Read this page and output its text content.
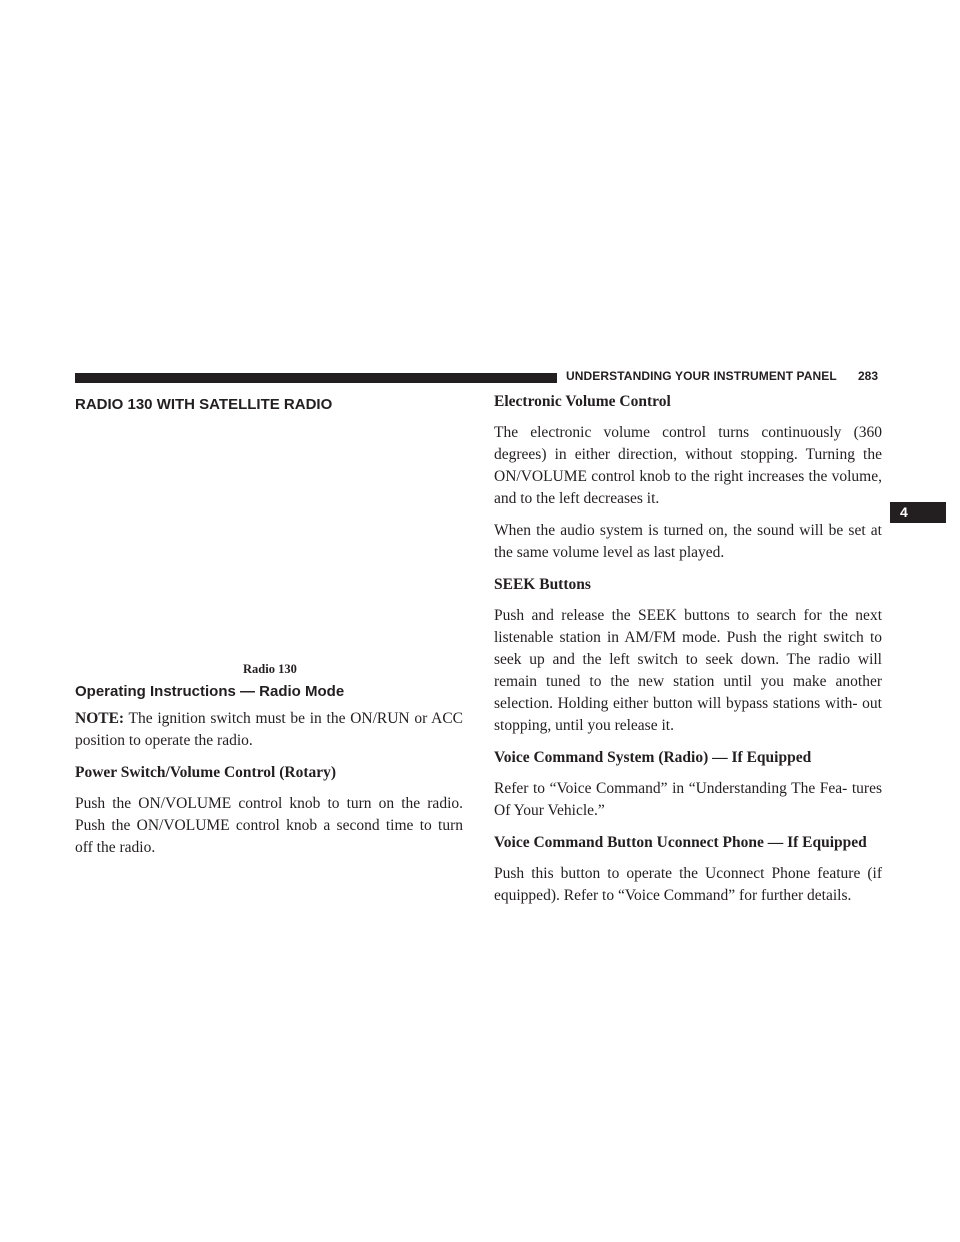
UNDERSTANDING YOUR INSTRUMENT PANEL 283
4
RADIO 130 WITH SATELLITE RADIO
Radio 130
Operating Instructions — Radio Mode

NOTE: The ignition switch must be in the ON/RUN or ACC position to operate the radio.

Power Switch/Volume Control (Rotary)

Push the ON/VOLUME control knob to turn on the radio. Push the ON/VOLUME control knob a second time to turn off the radio.

Electronic Volume Control

The electronic volume control turns continuously (360 degrees) in either direction, without stopping. Turning the ON/VOLUME control knob to the right increases the volume, and to the left decreases it.

When the audio system is turned on, the sound will be set at the same volume level as last played.

SEEK Buttons

Push and release the SEEK buttons to search for the next listenable station in AM/FM mode. Push the right switch to seek up and the left switch to seek down. The radio will remain tuned to the new station until you make another selection. Holding either button will bypass stations with- out stopping, until you release it.

Voice Command System (Radio) — If Equipped

Refer to “Voice Command” in “Understanding The Fea- tures Of Your Vehicle.”

Voice Command Button Uconnect Phone — If Equipped

Push this button to operate the Uconnect Phone feature (if equipped). Refer to “Voice Command” for further details.
